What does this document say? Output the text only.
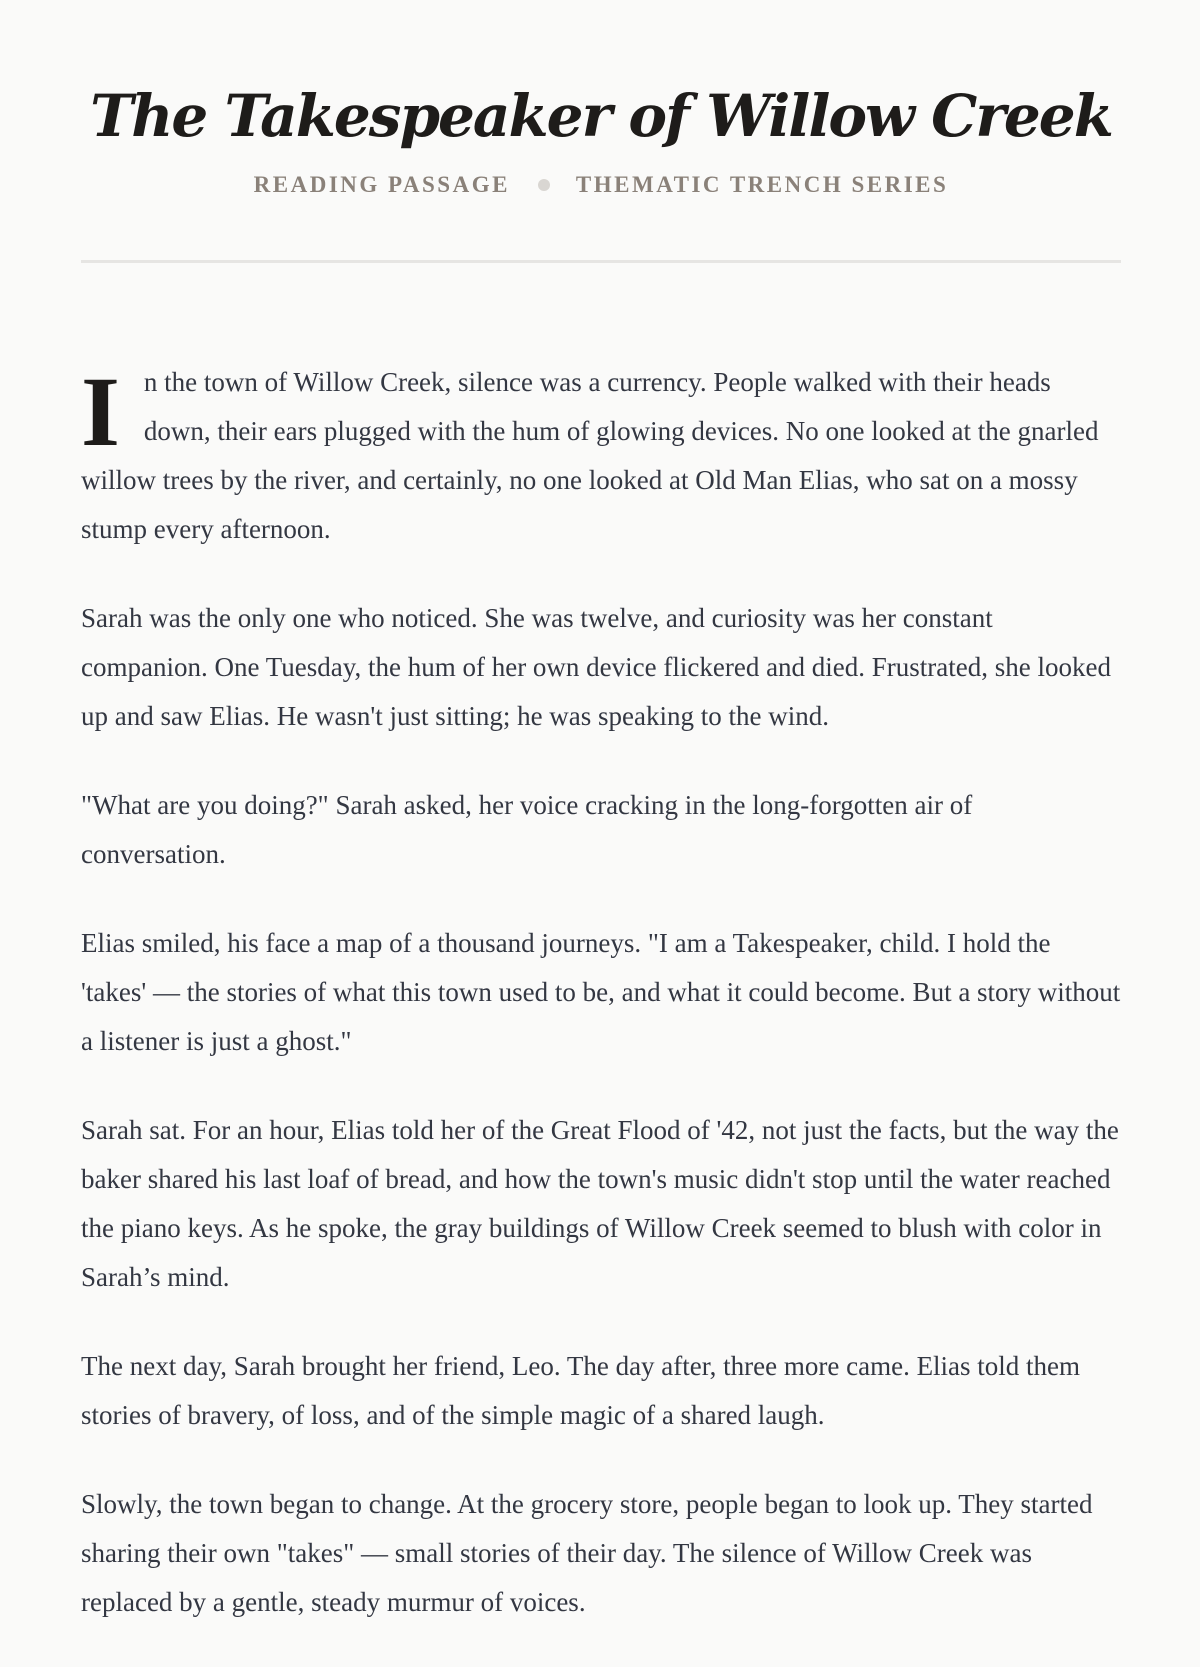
The Takespeaker of Willow Creek
READING PASSAGE	THEMATIC TRENCH SERIES

In the town of Willow Creek, silence was a currency. People walked with their heads down, their ears plugged with the hum of glowing devices. No one looked at the gnarled willow trees by the river, and certainly, no one looked at Old Man Elias, who sat on a mossy stump every afternoon.

Sarah was the only one who noticed. She was twelve, and curiosity was her constant companion. One Tuesday, the hum of her own device flickered and died. Frustrated, she looked up and saw Elias. He wasn't just sitting; he was speaking to the wind.

"What are you doing?" Sarah asked, her voice cracking in the long-forgotten air of conversation.

Elias smiled, his face a map of a thousand journeys. "I am a Takespeaker, child. I hold the 'takes' — the stories of what this town used to be, and what it could become. But a story without a listener is just a ghost."

Sarah sat. For an hour, Elias told her of the Great Flood of '42, not just the facts, but the way the baker shared his last loaf of bread, and how the town's music didn't stop until the water reached the piano keys. As he spoke, the gray buildings of Willow Creek seemed to blush with color in Sarah’s mind.

The next day, Sarah brought her friend, Leo. The day after, three more came. Elias told them stories of bravery, of loss, and of the simple magic of a shared laugh.

Slowly, the town began to change. At the grocery store, people began to look up. They started sharing their own "takes" — small stories of their day. The silence of Willow Creek was replaced by a gentle, steady murmur of voices.
